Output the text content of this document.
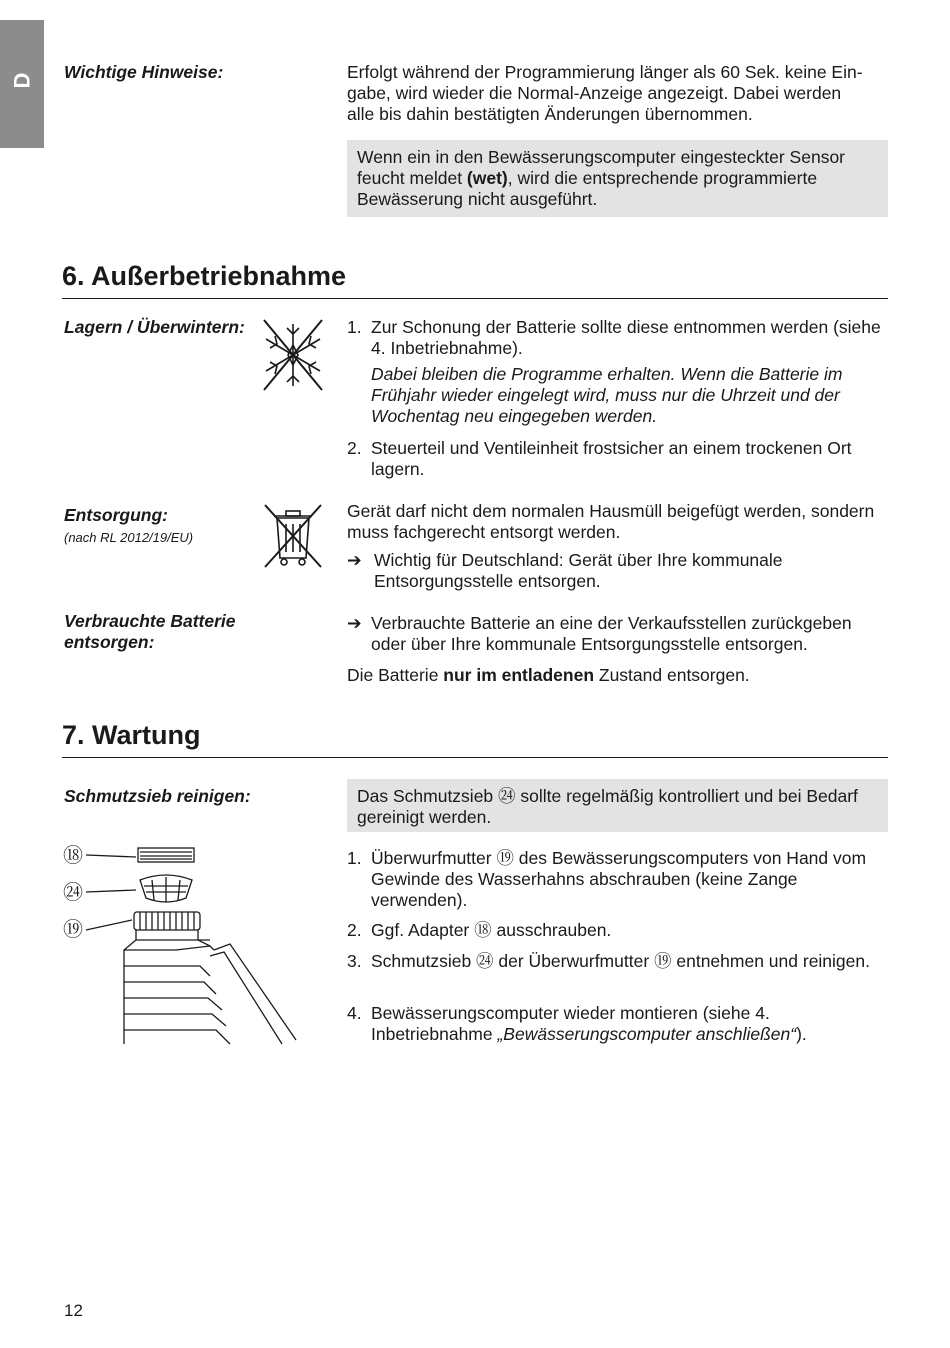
D Wichtige Hinweise:	Erfolgt während der Programmierung länger als 60 Sek. keine Ein-
gabe, wird wieder die Normal-Anzeige angezeigt. Dabei werden
alle bis dahin bestätigten Änderungen übernommen.
Wenn ein in den Bewässerungscomputer eingesteckter Sensor feucht meldet (wet), wird die entsprechende programmierte Bewässerung nicht ausgeführt.
6. Außerbetriebnahme
Lagern / Überwintern:	1. Zur Schonung der Batterie sollte diese entnommen werden (siehe 4. Inbetriebnahme).
Dabei bleiben die Programme erhalten. Wenn die Batterie im Frühjahr wieder eingelegt wird, muss nur die Uhrzeit und der Wochentag neu eingegeben werden.
2. Steuerteil und Ventileinheit frostsicher an einem trockenen Ort lagern.
Entsorgung:
(nach RL 2012/19/EU)
Gerät darf nicht dem normalen Hausmüll beigefügt werden, sondern muss fachgerecht entsorgt werden.
➔ Wichtig für Deutschland: Gerät über Ihre kommunale Entsorgungsstelle entsorgen.
Verbrauchte Batterie
entsorgen:
➔ Verbrauchte Batterie an eine der Verkaufsstellen zurückgeben oder über Ihre kommunale Entsorgungsstelle entsorgen.
Die Batterie nur im entladenen Zustand entsorgen.
7. Wartung
Schmutzsieb reinigen:	Das Schmutzsieb ㉔ sollte regelmäßig kontrolliert und bei Bedarf gereinigt werden.
⑱
㉔
⑲
1. Überwurfmutter ⑲ des Bewässerungscomputers von Hand vom Gewinde des Wasserhahns abschrauben (keine Zange verwenden).
2. Ggf. Adapter ⑱ ausschrauben.
3. Schmutzsieb ㉔ der Überwurfmutter ⑲ entnehmen und reinigen.
4. Bewässerungscomputer wieder montieren (siehe 4. Inbetriebnahme „Bewässerungscomputer anschließen“).
12
